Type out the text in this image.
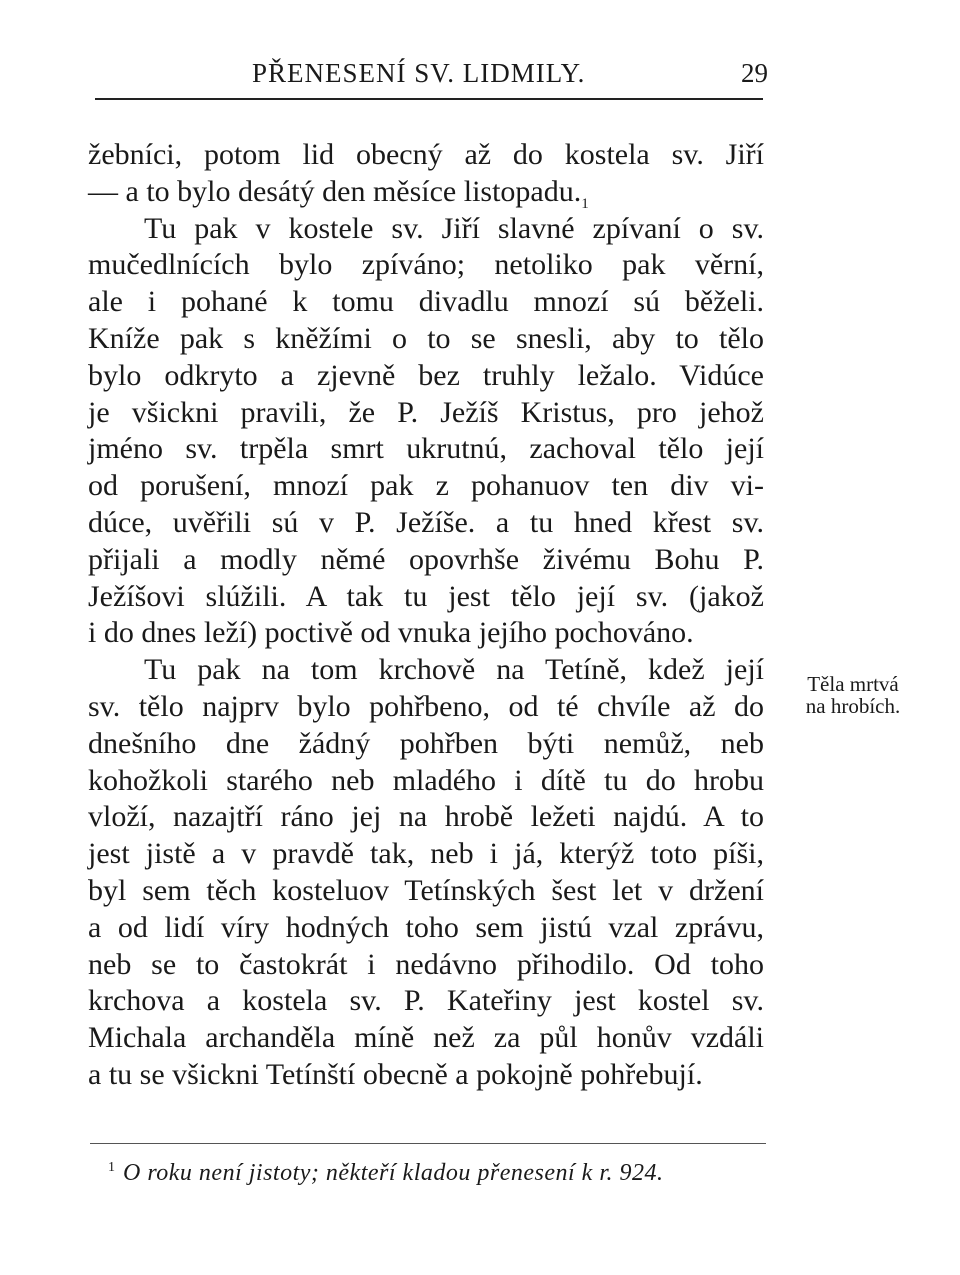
PŘENESENÍ SV. LIDMILY.	29
žebníci, potom lid obecný až do kostela sv. Jiří
— a to bylo desátý den měsíce $listopadu._1$
Tu pak v kostele sv. Jiří slavné zpívaní o sv.
mučedlnících bylo zpíváno; netoliko pak věrní,
ale i pohané k tomu divadlu mnozí sú běželi.
Kníže pak s kněžími o to se snesli, aby to tělo
bylo odkryto a zjevně bez truhly ležalo. Vidúce
je všickni pravili, že P. Ježíš Kristus, pro jehož
jméno sv. trpěla smrt ukrutnú, zachoval tělo její
od porušení, mnozí pak z pohanuov ten div vi-
dúce, uvěřili sú v P. Ježíše. a tu hned křest sv.
přijali a modly němé opovrhše živému Bohu P.
Ježíšovi slúžili. A tak tu jest tělo její sv. (jakož
i do dnes leží) poctivě od vnuka jejího pochováno.
Tu pak na tom krchově na Tetíně, kdež její
sv. tělo najprv bylo pohřbeno, od té chvíle až do
dnešního dne žádný pohřben býti nemůž, neb
kohožkoli starého neb mladého i dítě tu do hrobu
vloží, nazajtří ráno jej na hrobě ležeti najdú. A to
jest jistě a v pravdě tak, neb i já, kterýž toto píši,
byl sem těch kosteluov Tetínských šest let v držení
a od lidí víry hodných toho sem jistú vzal zprávu,
neb se to častokrát i nedávno přihodilo. Od toho
krchova a kostela sv. P. Kateřiny jest kostel sv.
Michala archanděla míně než za půl honův vzdáli
a tu se všickni Tetínští obecně a pokojně pohřebují.
Těla mrtvá
na hrobích.
$^1$ O roku není jistoty; někteří kladou přenesení k r. 924.
